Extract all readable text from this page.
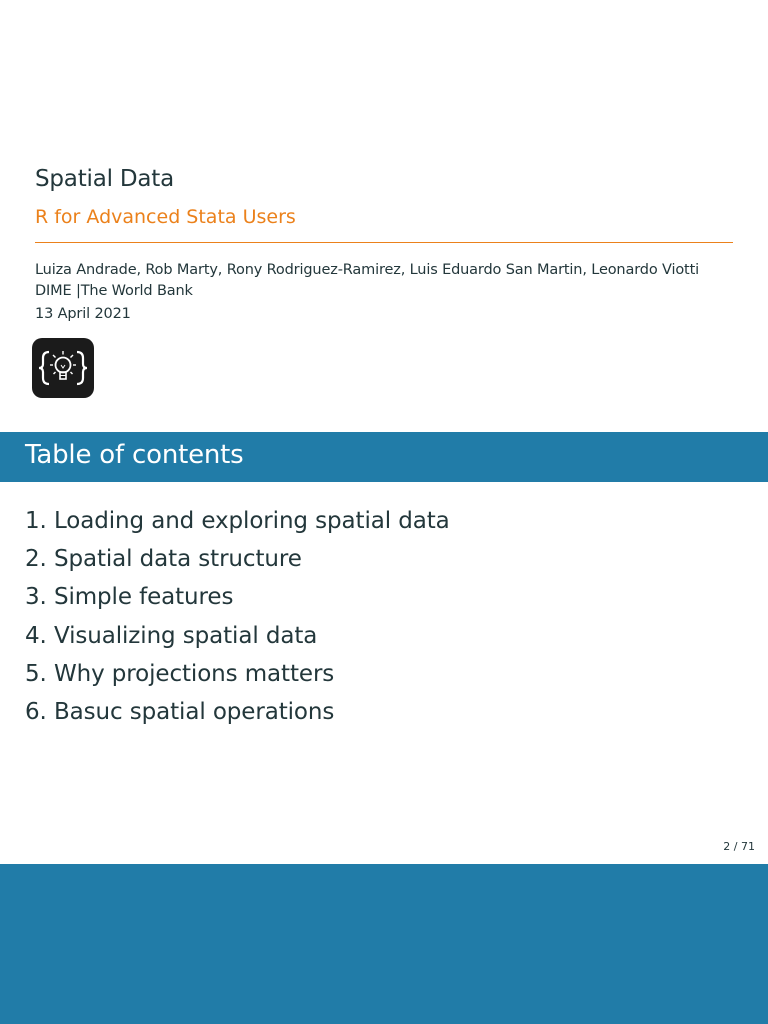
Spatial Data

R for Advanced Stata Users

Luiza Andrade, Rob Marty, Rony Rodriguez-Ramirez, Luis Eduardo San Martin, Leonardo Viotti

DIME |The World Bank

13 April 2021

Table of contents
1. Loading and exploring spatial data
2. Spatial data structure
3. Simple features
4. Visualizing spatial data
5. Why projections matters
6. Basuc spatial operations
2 / 71
